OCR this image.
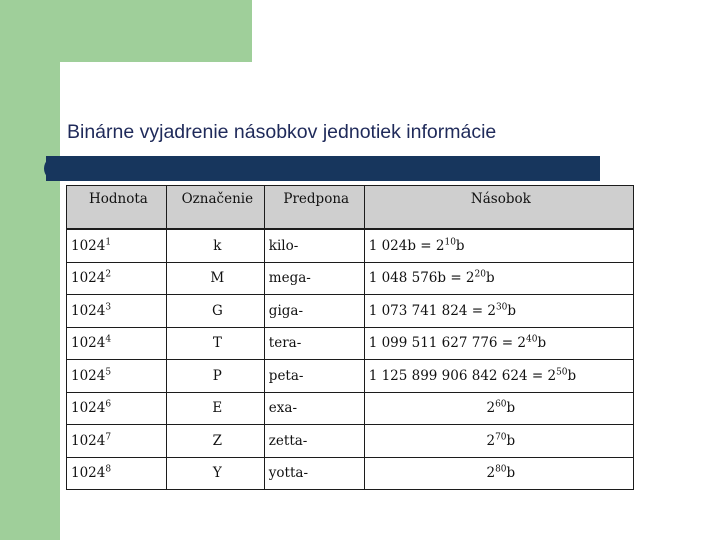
Binárne vyjadrenie násobkov jednotiek informácie
Hodnota	Označenie	Predpona	Násobok
1024$^1$	k	kilo-	1 $024b = 2^{10}b$
1024$^2$	M	mega-	1 048 $576b = 2^{20}b$
1024$^3$	G	giga-	1 073 741 $824 = 2^{30}b$
1024$^4$	T	tera-	1 099 511 627 $776 = 2^{40}b$
1024$^5$	P	peta-	1 125 899 906 842 $624 = 2^{50}b$
1024$^6$	E	exa-	$2^{60}b$
1024$^7$	Z	zetta-	$2^{70}b$
1024$^8$	Y	yotta-	$2^{80}b$
